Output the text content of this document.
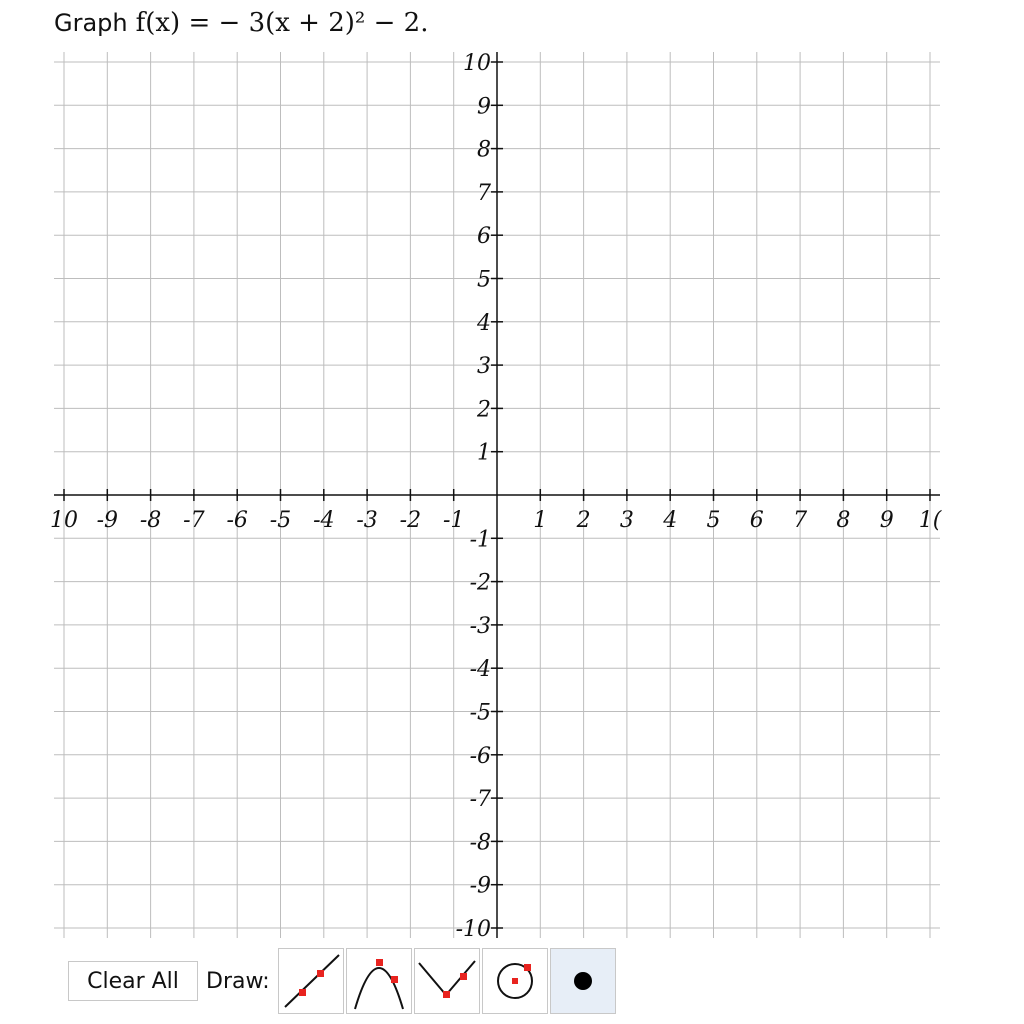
Graph f(x) = − 3(x + 2)² − 2.
10 -9 -8 -7 -6 -5 -4 -3 -2 -1	1 2 3 4 5 6 7 8 9 1(
10
9
8
7
6
5
4
3
2
1
-1
-2
-3
-4
-5
-6
-7
-8
-9
-10
Clear All	Draw:
